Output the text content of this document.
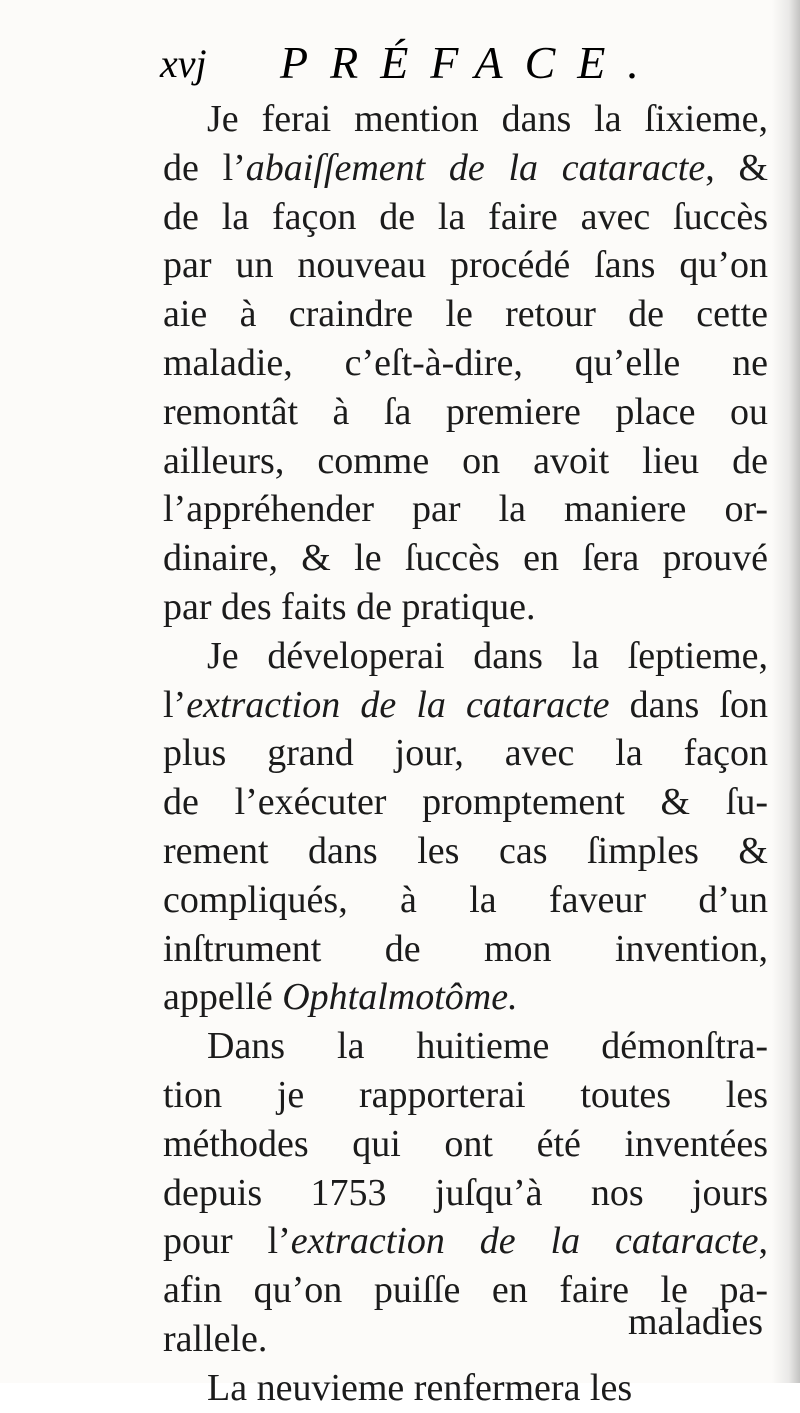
xvj PRÉFACE.
Je ferai mention dans la ſixieme,
de l’abaiſſement de la cataracte, &
de la façon de la faire avec ſuccès
par un nouveau procédé ſans qu’on
aie à craindre le retour de cette
maladie, c’eſt-à-dire, qu’elle ne
remontât à ſa premiere place ou
ailleurs, comme on avoit lieu de
l’appréhender par la maniere or-
dinaire, & le ſuccès en ſera prouvé
par des faits de pratique.
Je déveloperai dans la ſeptieme,
l’extraction de la cataracte dans ſon
plus grand jour, avec la façon
de l’exécuter promptement & ſu-
rement dans les cas ſimples &
compliqués, à la faveur d’un
inſtrument de mon invention,
appellé Ophtalmotôme.
Dans la huitieme démonſtra-
tion je rapporterai toutes les
méthodes qui ont été inventées
depuis 1753 juſqu’à nos jours
pour l’extraction de la cataracte,
afin qu’on puiſſe en faire le pa-
rallele.
La neuvieme renfermera les
maladies
